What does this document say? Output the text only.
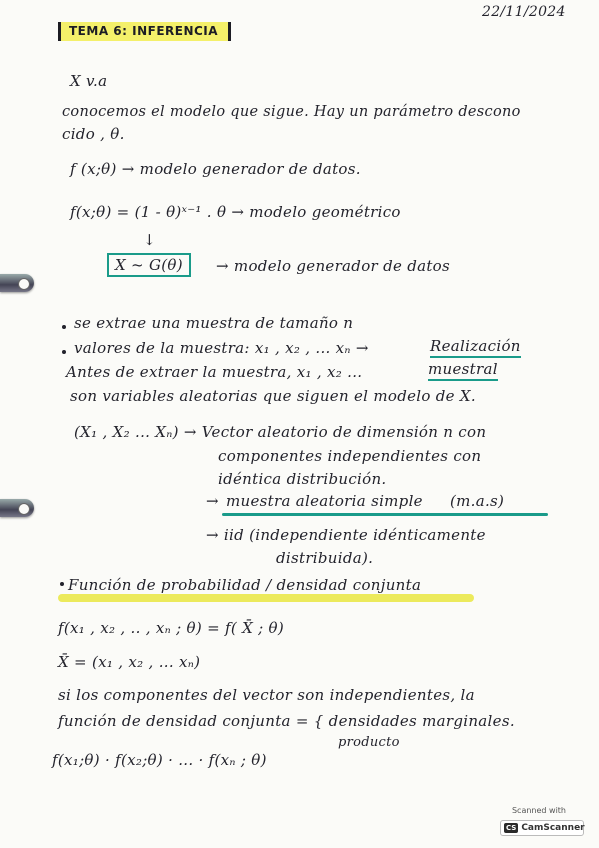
22/11/2024
TEMA 6: INFERENCIA
X v.a
conocemos el modelo que sigue. Hay un parámetro descono
cido , θ.
f (x;θ) → modelo generador de datos.
f(x;θ) = (1 - θ)ˣ⁻¹ . θ → modelo geométrico
↓
X ~ G(θ)	→ modelo generador de datos
se extrae una muestra de tamaño n
valores de la muestra: x₁ , x₂ , ... xₙ →	Realización
Antes de extraer la muestra, x₁ , x₂ ...	muestral
son variables aleatorias que siguen el modelo de X.
(X₁ , X₂ ... Xₙ) → Vector aleatorio de dimensión n con
componentes independientes con
idéntica distribución.
→ muestra aleatoria simple (m.a.s)
→ iid (independiente idénticamente
distribuida).
Función de probabilidad / densidad conjunta
f(x₁ , x₂ , .. , xₙ ; θ) = f( X̄ ; θ)
X̄ = (x₁ , x₂ , ... xₙ)
si los componentes del vector son independientes, la
función de densidad conjunta = { densidades marginales.
producto
f(x₁;θ) · f(x₂;θ) · ... · f(xₙ ; θ)
Scanned with
CS CamScanner
